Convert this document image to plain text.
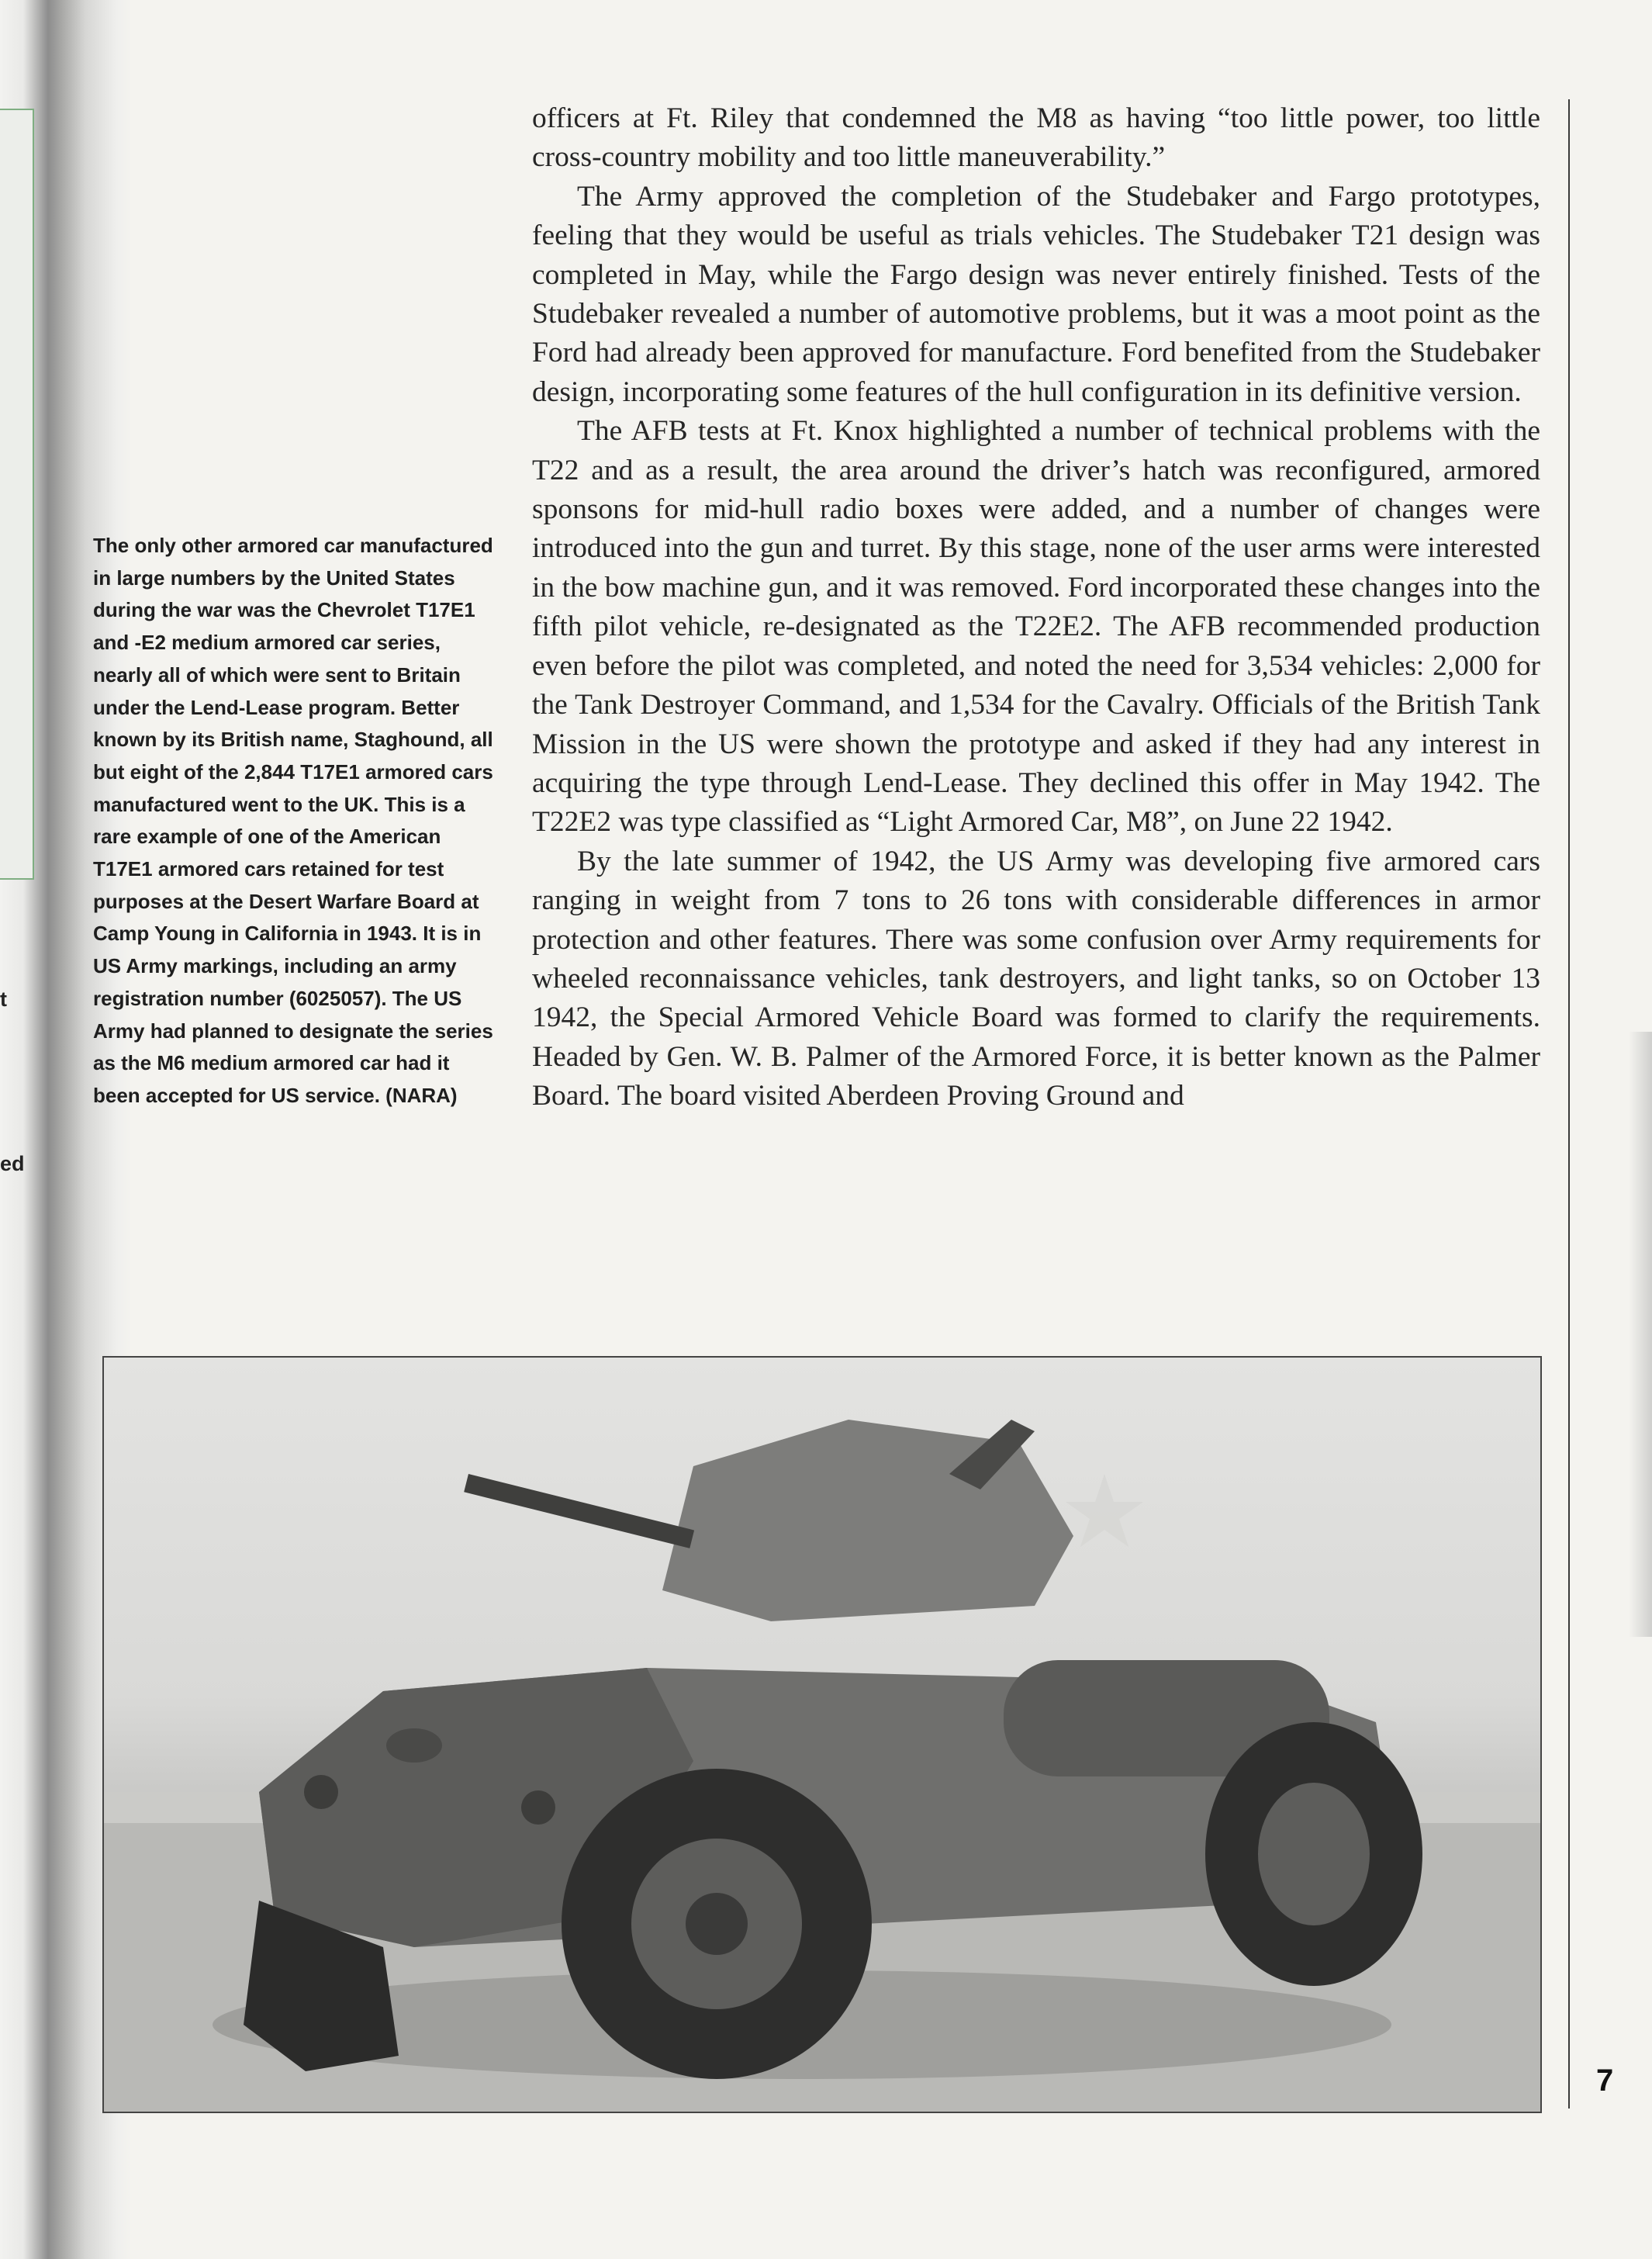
t
ed

The only other armored car manufactured in large numbers by the United States during the war was the Chevrolet T17E1 and -E2 medium armored car series, nearly all of which were sent to Britain under the Lend-Lease program. Better known by its British name, Staghound, all but eight of the 2,844 T17E1 armored cars manufactured went to the UK. This is a rare example of one of the American T17E1 armored cars retained for test purposes at the Desert Warfare Board at Camp Young in California in 1943. It is in US Army markings, including an army registration number (6025057). The US Army had planned to designate the series as the M6 medium armored car had it been accepted for US service. (NARA)

officers at Ft. Riley that condemned the M8 as having “too little power, too little cross-country mobility and too little maneuverability.”

The Army approved the completion of the Studebaker and Fargo prototypes, feeling that they would be useful as trials vehicles. The Studebaker T21 design was completed in May, while the Fargo design was never entirely finished. Tests of the Studebaker revealed a number of automotive problems, but it was a moot point as the Ford had already been approved for manufacture. Ford benefited from the Studebaker design, incorporating some features of the hull configuration in its definitive version.

The AFB tests at Ft. Knox highlighted a number of technical problems with the T22 and as a result, the area around the driver’s hatch was reconfigured, armored sponsons for mid-hull radio boxes were added, and a number of changes were introduced into the gun and turret. By this stage, none of the user arms were interested in the bow machine gun, and it was removed. Ford incorporated these changes into the fifth pilot vehicle, re-designated as the T22E2. The AFB recommended production even before the pilot was completed, and noted the need for 3,534 vehicles: 2,000 for the Tank Destroyer Command, and 1,534 for the Cavalry. Officials of the British Tank Mission in the US were shown the prototype and asked if they had any interest in acquiring the type through Lend-Lease. They declined this offer in May 1942. The T22E2 was type classified as “Light Armored Car, M8”, on June 22 1942.

By the late summer of 1942, the US Army was developing five armored cars ranging in weight from 7 tons to 26 tons with considerable differences in armor protection and other features. There was some confusion over Army requirements for wheeled reconnaissance vehicles, tank destroyers, and light tanks, so on October 13 1942, the Special Armored Vehicle Board was formed to clarify the requirements. Headed by Gen. W. B. Palmer of the Armored Force, it is better known as the Palmer Board. The board visited Aberdeen Proving Ground and

7
